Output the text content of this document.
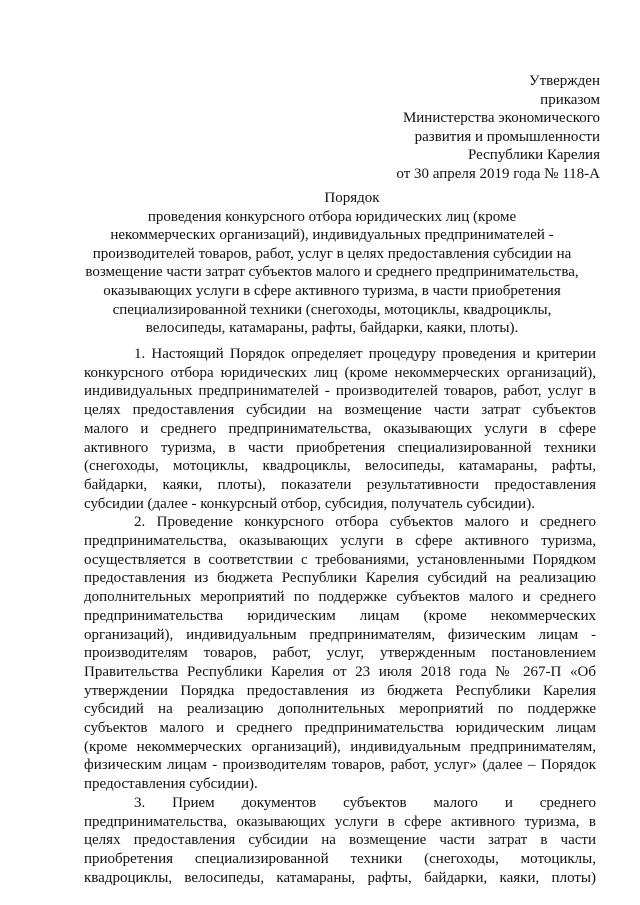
Утвержден
приказом
Министерства экономического
развития и промышленности
Республики Карелия
от 30 апреля 2019 года № 118-А
Порядок
проведения конкурсного отбора юридических лиц (кроме
некоммерческих организаций), индивидуальных предпринимателей -
производителей товаров, работ, услуг в целях предоставления субсидии на
возмещение части затрат субъектов малого и среднего предпринимательства,
оказывающих услуги в сфере активного туризма, в части приобретения
специализированной техники (снегоходы, мотоциклы, квадроциклы,
велосипеды, катамараны, рафты, байдарки, каяки, плоты).
1. Настоящий Порядок определяет процедуру проведения и критерии
конкурсного отбора юридических лиц (кроме некоммерческих организаций),
индивидуальных предпринимателей - производителей товаров, работ, услуг в
целях предоставления субсидии на возмещение части затрат субъектов
малого и среднего предпринимательства, оказывающих услуги в сфере
активного туризма, в части приобретения специализированной техники
(снегоходы, мотоциклы, квадроциклы, велосипеды, катамараны, рафты,
байдарки, каяки, плоты), показатели результативности предоставления
субсидии (далее - конкурсный отбор, субсидия, получатель субсидии).
2. Проведение конкурсного отбора субъектов малого и среднего
предпринимательства, оказывающих услуги в сфере активного туризма,
осуществляется в соответствии с требованиями, установленными Порядком
предоставления из бюджета Республики Карелия субсидий на реализацию
дополнительных мероприятий по поддержке субъектов малого и среднего
предпринимательства юридическим лицам (кроме некоммерческих
организаций), индивидуальным предпринимателям, физическим лицам -
производителям товаров, работ, услуг, утвержденным постановлением
Правительства Республики Карелия от 23 июля 2018 года № 267-П «Об
утверждении Порядка предоставления из бюджета Республики Карелия
субсидий на реализацию дополнительных мероприятий по поддержке
субъектов малого и среднего предпринимательства юридическим лицам
(кроме некоммерческих организаций), индивидуальным предпринимателям,
физическим лицам - производителям товаров, работ, услуг» (далее – Порядок
предоставления субсидии).
3. Прием документов субъектов малого и среднего
предпринимательства, оказывающих услуги в сфере активного туризма, в
целях предоставления субсидии на возмещение части затрат в части
приобретения специализированной техники (снегоходы, мотоциклы,
квадроциклы, велосипеды, катамараны, рафты, байдарки, каяки, плоты)
